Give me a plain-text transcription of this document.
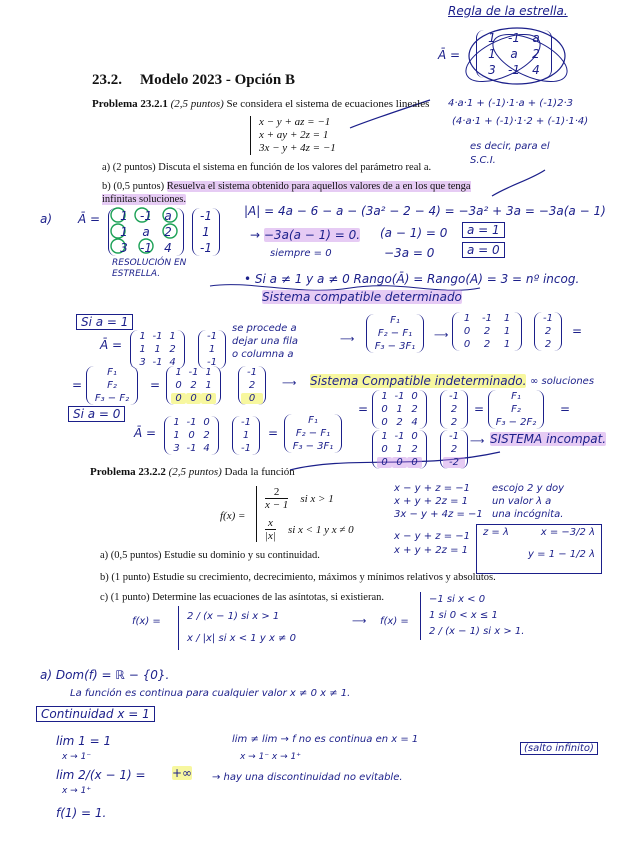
Regla de la estrella.
Ā =
1	-1	a
1	a	2
3	-1	4
4·a·1 + (-1)·1·a + (-1)2·3
(4·a·1 + (-1)·1·2 + (-1)·1·4)
es decir, para el S.C.I.
23.2. Modelo 2023 - Opción B
Problema 23.2.1 (2,5 puntos) Se considera el sistema de ecuaciones lineales
x − y + az = −1
x + ay + 2z = 1
3x − y + 4z = −1
a) (2 puntos) Discuta el sistema en función de los valores del parámetro real a.
b) (0,5 puntos) Resuelva el sistema obtenido para aquellos valores de a en los que tenga infinitas soluciones.
a) Ā =	1	-1	a
1	a	2
3	-1	4
-1
1
-1
RESOLUCIÓN EN
ESTRELLA.
|A| = 4a − 6 − a − (3a² − 2 − 4) = −3a² + 3a = −3a(a − 1)
→ −3a(a − 1) = 0. (a − 1) = 0	a = 1
siempre = 0	−3a = 0	a = 0
• Si a ≠ 1 y a ≠ 0 Rango(Ā) = Rango(A) = 3 = nº incog.
Sistema compatible determinado
Si a = 1
Ā =
1 -1 1
1 1 2
3 -1 4
-1
1
-1
se procede a
dejar una fila
o columna a
⟶
F₁
F₂ − F₁
F₃ − 3F₁
⟶
1	-1	1
0	2	1
0	2	1
-1
2
2
=
=
F₁
F₂
F₃ − F₂
=
1 -1 1
0 2 1
0 0 0
-1
2
0
⟶ Sistema Compatible indeterminado. ∞ soluciones
Si a = 0
Ā =
1 -1 0
1 0 2
3 -1 4
-1
1
-1
=
F₁
F₂ − F₁
F₃ − 3F₁
=
1 -1 0
0 1 2
0 2 4
-1
2
2
=
F₁
F₂
F₃ − 2F₂
=
1 -1 0
0 1 2
0 0 0
-1
2
-2
⟶ SISTEMA incompat.
Problema 23.2.2 (2,5 puntos) Dada la función
f(x) =
$\frac{2}{x - 1}$ si x > 1
$\frac{x}{|x|}$ si x < 1 y x ≠ 0
x − y + z = −1
x + y + 2z = 1
3x − y + 4z = −1
escojo 2 y doy
un valor λ a
una incógnita.
x − y + z = −1
x + y + 2z = 1
z = λ	x = −3/2 λ
y = 1 − 1/2 λ
a) (0,5 puntos) Estudie su dominio y su continuidad.
b) (1 punto) Estudie su crecimiento, decrecimiento, máximos y mínimos relativos y absolutos.
c) (1 punto) Determine las ecuaciones de las asíntotas, si existieran.
f(x) =	2 / (x − 1) si x > 1
x / |x| si x < 1 y x ≠ 0
⟶ f(x) =
−1 si x < 0
1 si 0 < x ≤ 1
2 / (x − 1) si x > 1.
a) Dom(f) = ℝ − {0}.
La función es continua para cualquier valor x ≠ 0 x ≠ 1.
Continuidad x = 1
lim 1 = 1
x → 1⁻
lim ≠ lim → f no es continua en x = 1
x → 1⁻ x → 1⁺
lim 2/(x − 1) =
x → 1⁺
+∞ → hay una discontinuidad no evitable.
(salto infinito)
f(1) = 1.
